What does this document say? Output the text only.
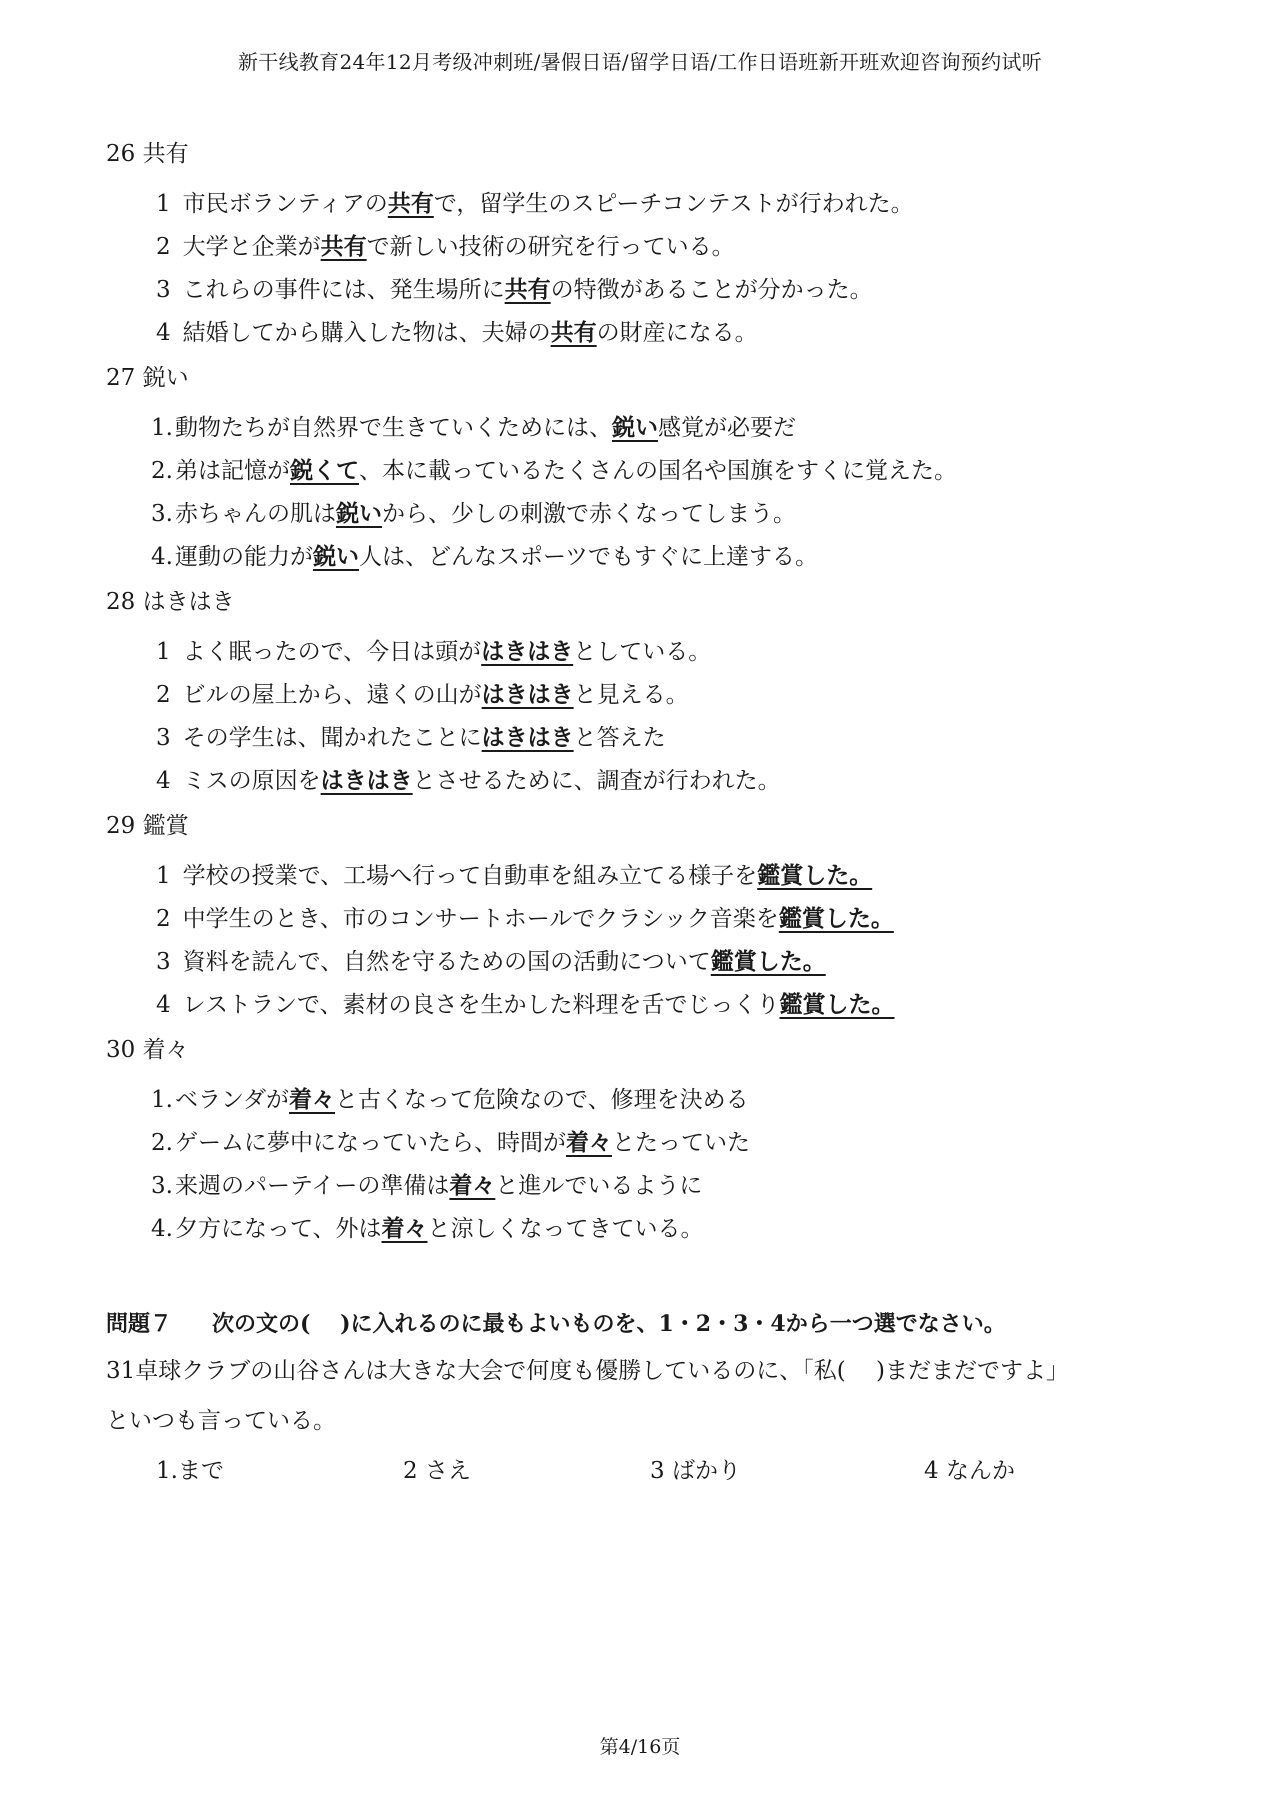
新干线教育24年12月考级冲刺班/暑假日语/留学日语/工作日语班新开班欢迎咨询预约试听
26 共有
1 市民ボランティアの共有で，留学生のスピーチコンテストが行われた。
2 大学と企業が共有で新しい技術の研究を行っている。
3 これらの事件には、発生場所に共有の特徴があることが分かった。
4 結婚してから購入した物は、夫婦の共有の財産になる。
27 鋭い
1.動物たちが自然界で生きていくためには、鋭い感覚が必要だ
2.弟は記憶が鋭くて、本に載っているたくさんの国名や国旗をすくに覚えた。
3.赤ちゃんの肌は鋭いから、少しの刺激で赤くなってしまう。
4.運動の能力が鋭い人は、どんなスポーツでもすぐに上達する。
28 はきはき
1 よく眠ったので、今日は頭がはきはきとしている。
2 ビルの屋上から、遠くの山がはきはきと見える。
3 その学生は、聞かれたことにはきはきと答えた
4 ミスの原因をはきはきとさせるために、調査が行われた。
29 鑑賞
1 学校の授業で、工場へ行って自動車を組み立てる様子を鑑賞した。
2 中学生のとき、市のコンサートホールでクラシック音楽を鑑賞した。
3 資料を読んで、自然を守るための国の活動について鑑賞した。
4 レストランで、素材の良さを生かした料理を舌でじっくり鑑賞した。
30 着々
1.ベランダが着々と古くなって危険なので、修理を決める
2.ゲームに夢中になっていたら、時間が着々とたっていた
3.来週のパーテイーの準備は着々と進ルでいるように
4.夕方になって、外は着々と涼しくなってきている。
問題７ 次の文の(　 )に入れるのに最もよいものを、1・2・3・4から一つ選でなさい。

31卓球クラブの山谷さんは大きな大会で何度も優勝しているのに、「私(　 )まだまだですよ」

といつも言っている。

1.まで	2 さえ	3 ばかり	4 なんか
第4/16页
